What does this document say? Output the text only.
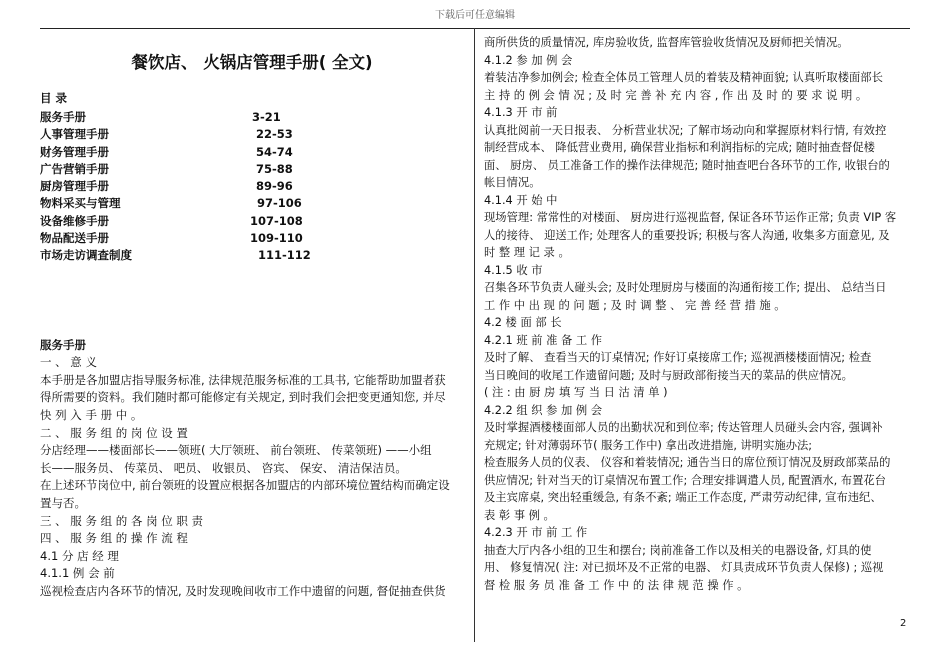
下载后可任意编辑
餐饮店、 火锅店管理手册( 全文)
目 录
服务手册	3-21
人事管理手册	22-53
财务管理手册	54-74
广告营销手册	75-88
厨房管理手册	89-96
物料采买与管理	97-106
设备维修手册	107-108
物品配送手册	109-110
市场走访调查制度	111-112
服务手册

一 、 意 义

本手册是各加盟店指导服务标准, 法律规范服务标准的工具书, 它能帮助加盟者获

得所需要的资料。我们随时都可能修定有关规定, 到时我们会把变更通知您, 并尽

快 列 入 手 册 中 。

二 、 服 务 组 的 岗 位 设 置

分店经理——楼面部长——领班( 大厅领班、 前台领班、 传菜领班) ——小组

长——服务员、 传菜员、 吧员、 收银员、 咨宾、 保安、 清洁保洁员。

在上述环节岗位中, 前台领班的设置应根据各加盟店的内部环境位置结构而确定设

置与否。

三 、 服 务 组 的 各 岗 位 职 责

四 、 服 务 组 的 操 作 流 程

4.1 分 店 经 理

4.1.1 例 会 前

巡视检查店内各环节的情况, 及时发现晚间收市工作中遗留的问题, 督促抽查供货

商所供货的质量情况, 库房验收货, 监督库管验收货情况及厨师把关情况。

4.1.2 参 加 例 会

着装洁净参加例会; 检查全体员工管理人员的着装及精神面貌; 认真听取楼面部长

主 持 的 例 会 情 况 ; 及 时 完 善 补 充 内 容 , 作 出 及 时 的 要 求 说 明 。

4.1.3 开 市 前

认真批阅前一天日报表、 分析营业状况; 了解市场动向和掌握原材料行情, 有效控

制经营成本、 降低营业费用, 确保营业指标和利润指标的完成; 随时抽查督促楼

面、 厨房、 员工准备工作的操作法律规范; 随时抽查吧台各环节的工作, 收银台的

帐目情况。

4.1.4 开 始 中

现场管理: 常常性的对楼面、 厨房进行巡视监督, 保证各环节运作正常; 负责 VIP 客

人的接待、 迎送工作; 处理客人的重要投诉; 积极与客人沟通, 收集多方面意见, 及

时 整 理 记 录 。

4.1.5 收 市

召集各环节负责人碰头会; 及时处理厨房与楼面的沟通衔接工作; 提出、 总结当日

工 作 中 出 现 的 问 题 ; 及 时 调 整 、 完 善 经 营 措 施 。

4.2 楼 面 部 长

4.2.1 班 前 准 备 工 作

及时了解、 查看当天的订桌情况; 作好订桌接席工作; 巡视酒楼楼面情况; 检查

当日晚间的收尾工作遗留问题; 及时与厨政部衔接当天的菜品的供应情况。

( 注 : 由 厨 房 填 写 当 日 沽 清 单 )

4.2.2 组 织 参 加 例 会

及时掌握酒楼楼面部人员的出勤状况和到位率; 传达管理人员碰头会内容, 强调补

充规定; 针对薄弱环节( 服务工作中) 拿出改进措施, 讲明实施办法;

检查服务人员的仪表、 仪容和着装情况; 通告当日的席位预订情况及厨政部菜品的

供应情况; 针对当天的订桌情况布置工作; 合理安排调遣人员, 配置酒水, 布置花台

及主宾席桌, 突出轻重缓急, 有条不紊; 端正工作态度, 严肃劳动纪律, 宣布违纪、

表 彰 事 例 。

4.2.3 开 市 前 工 作

抽查大厅内各小组的卫生和摆台; 岗前准备工作以及相关的电器设备, 灯具的使

用、 修复情况( 注: 对已损坏及不正常的电器、 灯具责成环节负责人保修) ; 巡视

督 检 服 务 员 准 备 工 作 中 的 法 律 规 范 操 作 。

2
